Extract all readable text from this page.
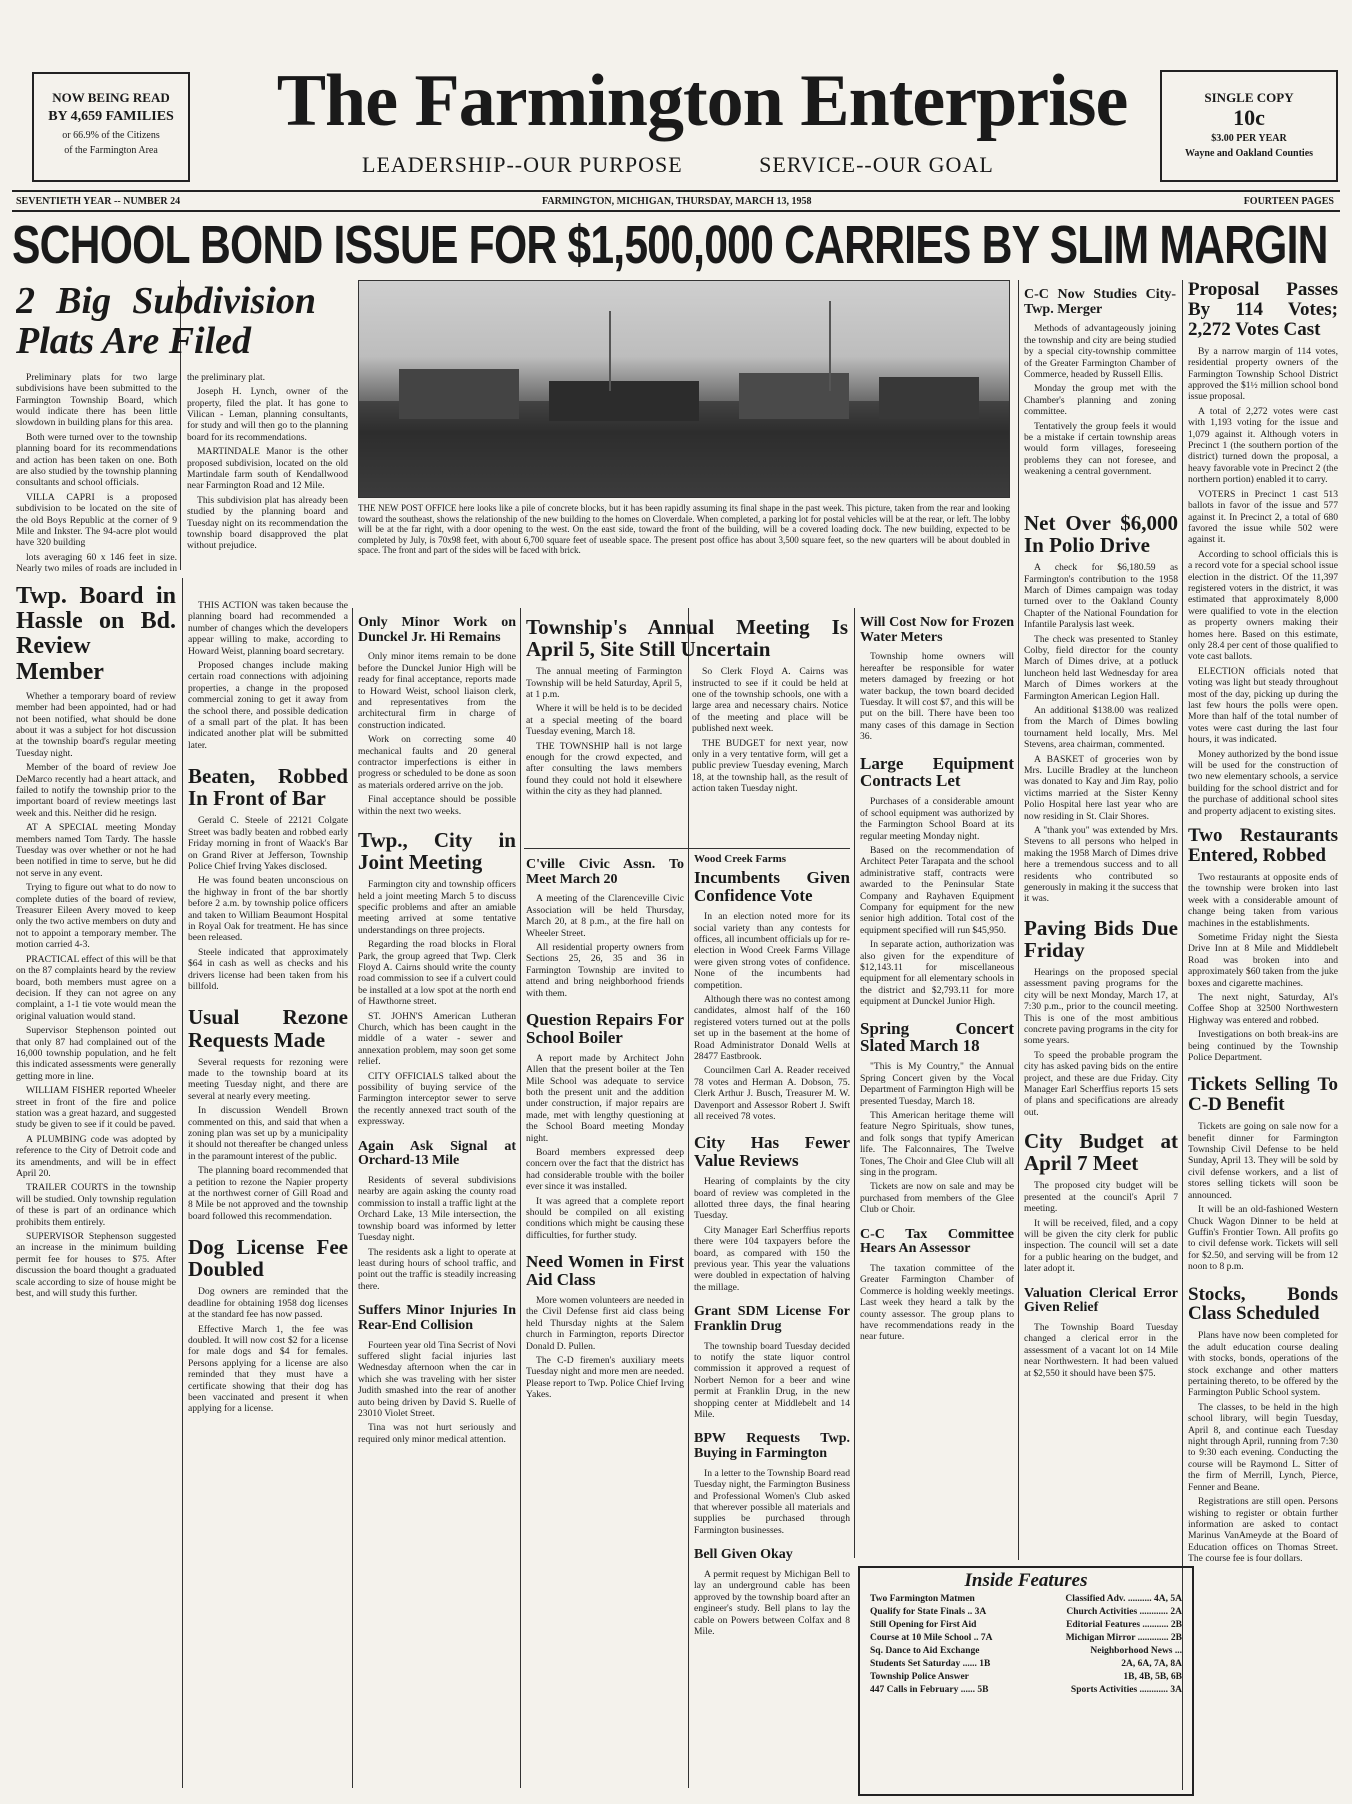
NOW BEING READ
BY 4,659 FAMILIES
or 66.9% of the Citizens
of the Farmington Area
The Farmington Enterprise
LEADERSHIP--OUR PURPOSE	SERVICE--OUR GOAL
SINGLE COPY
10c
$3.00 PER YEAR
Wayne and Oakland Counties
SEVENTIETH YEAR -- NUMBER 24	FARMINGTON, MICHIGAN, THURSDAY, MARCH 13, 1958	FOURTEEN PAGES
SCHOOL BOND ISSUE FOR $1,500,000 CARRIES BY SLIM MARGIN
2 Big Subdivision Plats Are Filed

Preliminary plats for two large subdivisions have been submitted to the Farmington Township Board, which would indicate there has been little slowdown in building plans for this area.

Both were turned over to the township planning board for its recommendations and action has been taken on one. Both are also studied by the township planning consultants and school officials.

VILLA CAPRI is a proposed subdivision to be located on the site of the old Boys Republic at the corner of 9 Mile and Inkster. The 94-acre plot would have 320 building

lots averaging 60 x 146 feet in size. Nearly two miles of roads are included in the preliminary plat.

Joseph H. Lynch, owner of the property, filed the plat. It has gone to Vilican - Leman, planning consultants, for study and will then go to the planning board for its recommendations.

MARTINDALE Manor is the other proposed subdivision, located on the old Martindale farm south of Kendallwood near Farmington Road and 12 Mile.

This subdivision plat has already been studied by the planning board and Tuesday night on its recommendation the township board disapproved the plat without prejudice.

THE NEW POST OFFICE here looks like a pile of concrete blocks, but it has been rapidly assuming its final shape in the past week. This picture, taken from the rear and looking toward the southeast, shows the relationship of the new building to the homes on Cloverdale. When completed, a parking lot for postal vehicles will be at the rear, or left. The lobby will be at the far right, with a door opening to the west. On the east side, toward the front of the building, will be a covered loading dock. The new building, expected to be completed by July, is 70x98 feet, with about 6,700 square feet of useable space. The present post office has about 3,500 square feet, so the new quarters will be about doubled in space. The front and part of the sides will be faced with brick.
C-C Now Studies City-Twp. Merger

Methods of advantageously joining the township and city are being studied by a special city-township committee of the Greater Farmington Chamber of Commerce, headed by Russell Ellis.

Monday the group met with the Chamber's planning and zoning committee.

Tentatively the group feels it would be a mistake if certain township areas would form villages, foreseeing problems they can not foresee, and weakening a central government.

Proposal Passes By 114 Votes; 2,272 Votes Cast

By a narrow margin of 114 votes, residential property owners of the Farmington Township School District approved the $1½ million school bond issue proposal.

A total of 2,272 votes were cast with 1,193 voting for the issue and 1,079 against it. Although voters in Precinct 1 (the southern portion of the district) turned down the proposal, a heavy favorable vote in Precinct 2 (the northern portion) enabled it to carry.

VOTERS in Precinct 1 cast 513 ballots in favor of the issue and 577 against it. In Precinct 2, a total of 680 favored the issue while 502 were against it.

According to school officials this is a record vote for a special school issue election in the district. Of the 11,397 registered voters in the district, it was estimated that approximately 8,000 were qualified to vote in the election as property owners making their homes here. Based on this estimate, only 28.4 per cent of those qualified to vote cast ballots.

ELECTION officials noted that voting was light but steady throughout most of the day, picking up during the last few hours the polls were open. More than half of the total number of votes were cast during the last four hours, it was indicated.

Money authorized by the bond issue will be used for the construction of two new elementary schools, a service building for the school district and for the purchase of additional school sites and property adjacent to existing sites.

Twp. Board in Hassle on Bd. Review Member

Whether a temporary board of review member had been appointed, had or had not been notified, what should be done about it was a subject for hot discussion at the township board's regular meeting Tuesday night.

Member of the board of review Joe DeMarco recently had a heart attack, and failed to notify the township prior to the important board of review meetings last week and this. Neither did he resign.

AT A SPECIAL meeting Monday members named Tom Tardy. The hassle Tuesday was over whether or not he had been notified in time to serve, but he did not serve in any event.

Trying to figure out what to do now to complete duties of the board of review, Treasurer Eileen Avery moved to keep only the two active members on duty and not to appoint a temporary member. The motion carried 4-3.

PRACTICAL effect of this will be that on the 87 complaints heard by the review board, both members must agree on a decision. If they can not agree on any complaint, a 1-1 tie vote would mean the original valuation would stand.

Supervisor Stephenson pointed out that only 87 had complained out of the 16,000 township population, and he felt this indicated assessments were generally getting more in line.

WILLIAM FISHER reported Wheeler street in front of the fire and police station was a great hazard, and suggested study be given to see if it could be paved.

A PLUMBING code was adopted by reference to the City of Detroit code and its amendments, and will be in effect April 20.

TRAILER COURTS in the township will be studied. Only township regulation of these is part of an ordinance which prohibits them entirely.

SUPERVISOR Stephenson suggested an increase in the minimum building permit fee for houses to $75. After discussion the board thought a graduated scale according to size of house might be best, and will study this further.

THIS ACTION was taken because the planning board had recommended a number of changes which the developers appear willing to make, according to Howard Weist, planning board secretary.

Proposed changes include making certain road connections with adjoining properties, a change in the proposed commercial zoning to get it away from the school there, and possible dedication of a small part of the plat. It has been indicated another plat will be submitted later.

Beaten, Robbed In Front of Bar

Gerald C. Steele of 22121 Colgate Street was badly beaten and robbed early Friday morning in front of Waack's Bar on Grand River at Jefferson, Township Police Chief Irving Yakes disclosed.

He was found beaten unconscious on the highway in front of the bar shortly before 2 a.m. by township police officers and taken to William Beaumont Hospital in Royal Oak for treatment. He has since been released.

Steele indicated that approximately $64 in cash as well as checks and his drivers license had been taken from his billfold.

Usual Rezone Requests Made

Several requests for rezoning were made to the township board at its meeting Tuesday night, and there are several at nearly every meeting.

In discussion Wendell Brown commented on this, and said that when a zoning plan was set up by a municipality it should not thereafter be changed unless in the paramount interest of the public.

The planning board recommended that a petition to rezone the Napier property at the northwest corner of Gill Road and 8 Mile be not approved and the township board followed this recommendation.

Dog License Fee Doubled

Dog owners are reminded that the deadline for obtaining 1958 dog licenses at the standard fee has now passed.

Effective March 1, the fee was doubled. It will now cost $2 for a license for male dogs and $4 for females. Persons applying for a license are also reminded that they must have a certificate showing that their dog has been vaccinated and present it when applying for a license.

Only Minor Work on Dunckel Jr. Hi Remains

Only minor items remain to be done before the Dunckel Junior High will be ready for final acceptance, reports made to Howard Weist, school liaison clerk, and representatives from the architectural firm in charge of construction indicated.

Work on correcting some 40 mechanical faults and 20 general contractor imperfections is either in progress or scheduled to be done as soon as materials ordered arrive on the job.

Final acceptance should be possible within the next two weeks.

Twp., City in Joint Meeting

Farmington city and township officers held a joint meeting March 5 to discuss specific problems and after an amiable meeting arrived at some tentative understandings on three projects.

Regarding the road blocks in Floral Park, the group agreed that Twp. Clerk Floyd A. Cairns should write the county road commission to see if a culvert could be installed at a low spot at the north end of Hawthorne street.

ST. JOHN'S American Lutheran Church, which has been caught in the middle of a water - sewer and annexation problem, may soon get some relief.

CITY OFFICIALS talked about the possibility of buying service of the Farmington interceptor sewer to serve the recently annexed tract south of the expressway.

Again Ask Signal at Orchard-13 Mile

Residents of several subdivisions nearby are again asking the county road commission to install a traffic light at the Orchard Lake, 13 Mile intersection, the township board was informed by letter Tuesday night.

The residents ask a light to operate at least during hours of school traffic, and point out the traffic is steadily increasing there.

Suffers Minor Injuries In Rear-End Collision

Fourteen year old Tina Secrist of Novi suffered slight facial injuries last Wednesday afternoon when the car in which she was traveling with her sister Judith smashed into the rear of another auto being driven by David S. Ruelle of 23010 Violet Street.

Tina was not hurt seriously and required only minor medical attention.

Township's Annual Meeting Is April 5, Site Still Uncertain

The annual meeting of Farmington Township will be held Saturday, April 5, at 1 p.m.

Where it will be held is to be decided at a special meeting of the board Tuesday evening, March 18.

THE TOWNSHIP hall is not large enough for the crowd expected, and after consulting the laws members found they could not hold it elsewhere within the city as they had planned.

So Clerk Floyd A. Cairns was instructed to see if it could be held at one of the township schools, one with a large area and necessary chairs. Notice of the meeting and place will be published next week.

THE BUDGET for next year, now only in a very tentative form, will get a public preview Tuesday evening, March 18, at the township hall, as the result of action taken Tuesday night.

C'ville Civic Assn. To Meet March 20

A meeting of the Clarenceville Civic Association will be held Thursday, March 20, at 8 p.m., at the fire hall on Wheeler Street.

All residential property owners from Sections 25, 26, 35 and 36 in Farmington Township are invited to attend and bring neighborhood friends with them.

Question Repairs For School Boiler

A report made by Architect John Allen that the present boiler at the Ten Mile School was adequate to service both the present unit and the addition under construction, if major repairs are made, met with lengthy questioning at the School Board meeting Monday night.

Board members expressed deep concern over the fact that the district has had considerable trouble with the boiler ever since it was installed.

It was agreed that a complete report should be compiled on all existing conditions which might be causing these difficulties, for further study.

Need Women in First Aid Class

More women volunteers are needed in the Civil Defense first aid class being held Thursday nights at the Salem church in Farmington, reports Director Donald D. Pullen.

The C-D firemen's auxiliary meets Tuesday night and more men are needed. Please report to Twp. Police Chief Irving Yakes.

Wood Creek Farms
Incumbents Given Confidence Vote

In an election noted more for its social variety than any contests for offices, all incumbent officials up for re-election in Wood Creek Farms Village were given strong votes of confidence. None of the incumbents had competition.

Although there was no contest among candidates, almost half of the 160 registered voters turned out at the polls set up in the basement at the home of Road Administrator Donald Wells at 28477 Eastbrook.

Councilmen Carl A. Reader received 78 votes and Herman A. Dobson, 75. Clerk Arthur J. Busch, Treasurer M. W. Davenport and Assessor Robert J. Swift all received 78 votes.

City Has Fewer Value Reviews

Hearing of complaints by the city board of review was completed in the allotted three days, the final hearing Tuesday.

City Manager Earl Scherffius reports there were 104 taxpayers before the board, as compared with 150 the previous year. This year the valuations were doubled in expectation of halving the millage.

Grant SDM License For Franklin Drug

The township board Tuesday decided to notify the state liquor control commission it approved a request of Norbert Nemon for a beer and wine permit at Franklin Drug, in the new shopping center at Middlebelt and 14 Mile.

BPW Requests Twp. Buying in Farmington

In a letter to the Township Board read Tuesday night, the Farmington Business and Professional Women's Club asked that wherever possible all materials and supplies be purchased through Farmington businesses.

Bell Given Okay

A permit request by Michigan Bell to lay an underground cable has been approved by the township board after an engineer's study. Bell plans to lay the cable on Powers between Colfax and 8 Mile.

Will Cost Now for Frozen Water Meters

Township home owners will hereafter be responsible for water meters damaged by freezing or hot water backup, the town board decided Tuesday. It will cost $7, and this will be put on the bill. There have been too many cases of this damage in Section 36.

Large Equipment Contracts Let

Purchases of a considerable amount of school equipment was authorized by the Farmington School Board at its regular meeting Monday night.

Based on the recommendation of Architect Peter Tarapata and the school administrative staff, contracts were awarded to the Peninsular State Company and Rayhaven Equipment Company for equipment for the new senior high addition. Total cost of the equipment specified will run $45,950.

In separate action, authorization was also given for the expenditure of $12,143.11 for miscellaneous equipment for all elementary schools in the district and $2,793.11 for more equipment at Dunckel Junior High.

Spring Concert Slated March 18

"This is My Country," the Annual Spring Concert given by the Vocal Department of Farmington High will be presented Tuesday, March 18.

This American heritage theme will feature Negro Spirituals, show tunes, and folk songs that typify American life. The Falconnaires, The Twelve Tones, The Choir and Glee Club will all sing in the program.

Tickets are now on sale and may be purchased from members of the Glee Club or Choir.

C-C Tax Committee Hears An Assessor

The taxation committee of the Greater Farmington Chamber of Commerce is holding weekly meetings. Last week they heard a talk by the county assessor. The group plans to have recommendations ready in the near future.

Net Over $6,000 In Polio Drive

A check for $6,180.59 as Farmington's contribution to the 1958 March of Dimes campaign was today turned over to the Oakland County Chapter of the National Foundation for Infantile Paralysis last week.

The check was presented to Stanley Colby, field director for the county March of Dimes drive, at a potluck luncheon held last Wednesday for area March of Dimes workers at the Farmington American Legion Hall.

An additional $138.00 was realized from the March of Dimes bowling tournament held locally, Mrs. Mel Stevens, area chairman, commented.

A BASKET of groceries won by Mrs. Lucille Bradley at the luncheon was donated to Kay and Jim Ray, polio victims married at the Sister Kenny Polio Hospital here last year who are now residing in St. Clair Shores.

A "thank you" was extended by Mrs. Stevens to all persons who helped in making the 1958 March of Dimes drive here a tremendous success and to all residents who contributed so generously in making it the success that it was.

Paving Bids Due Friday

Hearings on the proposed special assessment paving programs for the city will be next Monday, March 17, at 7:30 p.m., prior to the council meeting. This is one of the most ambitious concrete paving programs in the city for some years.

To speed the probable program the city has asked paving bids on the entire project, and these are due Friday. City Manager Earl Scherffius reports 15 sets of plans and specifications are already out.

City Budget at April 7 Meet

The proposed city budget will be presented at the council's April 7 meeting.

It will be received, filed, and a copy will be given the city clerk for public inspection. The council will set a date for a public hearing on the budget, and later adopt it.

Valuation Clerical Error Given Relief

The Township Board Tuesday changed a clerical error in the assessment of a vacant lot on 14 Mile near Northwestern. It had been valued at $2,550 it should have been $75.

Two Restaurants Entered, Robbed

Two restaurants at opposite ends of the township were broken into last week with a considerable amount of change being taken from various machines in the establishments.

Sometime Friday night the Siesta Drive Inn at 8 Mile and Middlebelt Road was broken into and approximately $60 taken from the juke boxes and cigarette machines.

The next night, Saturday, Al's Coffee Shop at 32500 Northwestern Highway was entered and robbed.

Investigations on both break-ins are being continued by the Township Police Department.

Tickets Selling To C-D Benefit

Tickets are going on sale now for a benefit dinner for Farmington Township Civil Defense to be held Sunday, April 13. They will be sold by civil defense workers, and a list of stores selling tickets will soon be announced.

It will be an old-fashioned Western Chuck Wagon Dinner to be held at Guffin's Frontier Town. All profits go to civil defense work. Tickets will sell for $2.50, and serving will be from 12 noon to 8 p.m.

Stocks, Bonds Class Scheduled

Plans have now been completed for the adult education course dealing with stocks, bonds, operations of the stock exchange and other matters pertaining thereto, to be offered by the Farmington Public School system.

The classes, to be held in the high school library, will begin Tuesday, April 8, and continue each Tuesday night through April, running from 7:30 to 9:30 each evening. Conducting the course will be Raymond L. Sitter of the firm of Merrill, Lynch, Pierce, Fenner and Beane.

Registrations are still open. Persons wishing to register or obtain further information are asked to contact Marinus VanAmeyde at the Board of Education offices on Thomas Street. The course fee is four dollars.

Inside Features
Two Farmington Matmen	Classified Adv. .......... 4A, 5A
Qualify for State Finals .. 3A	Church Activities ............ 2A
Still Opening for First Aid	Editorial Features ........... 2B
Course at 10 Mile School .. 7A	Michigan Mirror ............. 2B
Sq. Dance to Aid Exchange	Neighborhood News ...
Students Set Saturday ...... 1B	2A, 6A, 7A, 8A
Township Police Answer	1B, 4B, 5B, 6B
447 Calls in February ...... 5B	Sports Activities ............ 3A
